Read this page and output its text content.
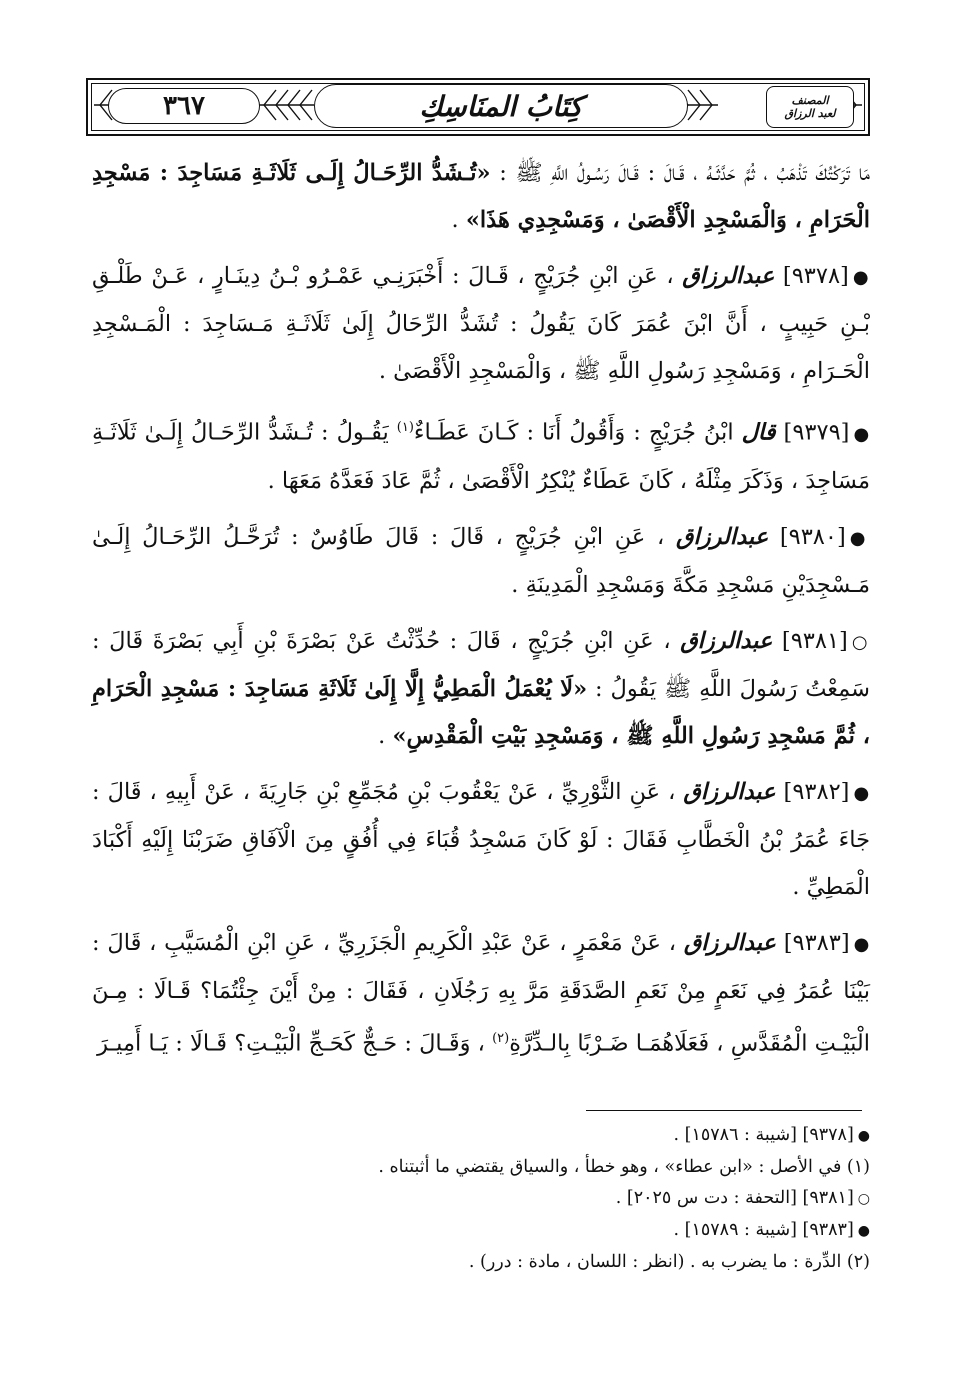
٣٦٧	كِتَابُ المنَاسِكِ	المصنف
لعبد الرزاق

مَا تَرَكْتُكَ تَذْهَبُ ، ثُمَّ حَدَّثَـهُ ، قَـالَ : قَـالَ رَسُـولُ اللَّهِ ﷺ : «تُـشَدُّ الرِّحَـالُ إِلَـى ثَلَاثَـةِ مَسَاجِدَ : مَسْجِدِ الْحَرَامِ ، وَالْمَسْجِدِ الْأَقْصَىٰ ، وَمَسْجِدِي هَذَا» .

●[٩٣٧٨] عبدالرزاق ، عَنِ ابْنِ جُرَيْجٍ ، قَـالَ : أَخْبَرَنِـي عَمْـرُو بْـنُ دِينَـارٍ ، عَـنْ طَلْـقِ بْـنِ حَبِيبٍ ، أَنَّ ابْنَ عُمَرَ كَانَ يَقُولُ : تُشَدُّ الرِّحَالُ إِلَىٰ ثَلَاثَـةِ مَـسَاجِدَ : الْمَـسْجِدِ الْحَـرَامِ ، وَمَسْجِدِ رَسُولِ اللَّهِ ﷺ ، وَالْمَسْجِدِ الْأَقْصَىٰ .

●[٩٣٧٩] قال ابْنُ جُرَيْجٍ : وَأَقُولُ أَنَا : كَـانَ عَطَـاءٌ$^{(١)}$ يَقُـولُ : تُـشَدُّ الرِّحَـالُ إِلَـىٰ ثَلَاثَـةِ مَسَاجِدَ ، وَذَكَرَ مِثْلَهُ ، كَانَ عَطَاءٌ يُنْكِرُ الْأَقْصَىٰ ، ثُمَّ عَادَ فَعَدَّهُ مَعَهَا .

●[٩٣٨٠] عبدالرزاق ، عَنِ ابْنِ جُرَيْجٍ ، قَالَ : قَالَ طَاوُسٌ : تُرَحَّـلُ الرِّحَـالُ إِلَـىٰ مَـسْجِدَيْنِ مَسْجِدِ مَكَّةَ وَمَسْجِدِ الْمَدِينَةِ .

○[٩٣٨١] عبدالرزاق ، عَنِ ابْنِ جُرَيْجٍ ، قَالَ : حُدِّثْتُ عَنْ بَصْرَةَ بْنِ أَبِي بَصْرَةَ قَالَ : سَمِعْتُ رَسُولَ اللَّهِ ﷺ يَقُولُ : «لَا يُعْمَلُ الْمَطِيُّ إِلَّا إِلَىٰ ثَلَاثَةِ مَسَاجِدَ : مَسْجِدِ الْحَرَامِ ، ثُمَّ مَسْجِدِ رَسُولِ اللَّهِ ﷺ ، وَمَسْجِدِ بَيْتِ الْمَقْدِسِ» .

●[٩٣٨٢] عبدالرزاق ، عَنِ الثَّوْرِيِّ ، عَنْ يَعْقُوبَ بْنِ مُجَمِّعِ بْنِ جَارِيَةَ ، عَنْ أَبِيهِ ، قَالَ : جَاءَ عُمَرُ بْنُ الْخَطَّابِ فَقَالَ : لَوْ كَانَ مَسْجِدُ قُبَاءَ فِي أُفُقٍ مِنَ الْآفَاقِ ضَرَبْنَا إِلَيْهِ أَكْبَادَ الْمَطِيِّ .

●[٩٣٨٣] عبدالرزاق ، عَنْ مَعْمَرٍ ، عَنْ عَبْدِ الْكَرِيمِ الْجَزَرِيِّ ، عَنِ ابْنِ الْمُسَيَّبِ ، قَالَ : بَيْنَا عُمَرُ فِي نَعَمٍ مِنْ نَعَمِ الصَّدَقَةِ مَرَّ بِهِ رَجُلَانِ ، فَقَالَ : مِنْ أَيْنَ جِئْتُمَا؟ قَـالَا : مِـنَ الْبَيْـتِ الْمُقَدَّسِ ، فَعَلَاهُمَـا ضَـرْبًا بِالـدِّرَّةِ$^{(٢)}$ ، وَقَـالَ : حَـجٌّ كَحَـجِّ الْبَيْـتِ؟ قَـالَا : يَـا أَمِيـرَ

●[٩٣٧٨] [شيبة : ١٥٧٨٦] .

(١) في الأصل : «ابن عطاء» ، وهو خطأ ، والسياق يقتضي ما أثبتناه .

○[٩٣٨١] [التحفة : دت س ٢٠٢٥] .

●[٩٣٨٣] [شيبة : ١٥٧٨٩] .

(٢) الدِّرة : ما يضرب به . (انظر : اللسان ، مادة : درر) .
